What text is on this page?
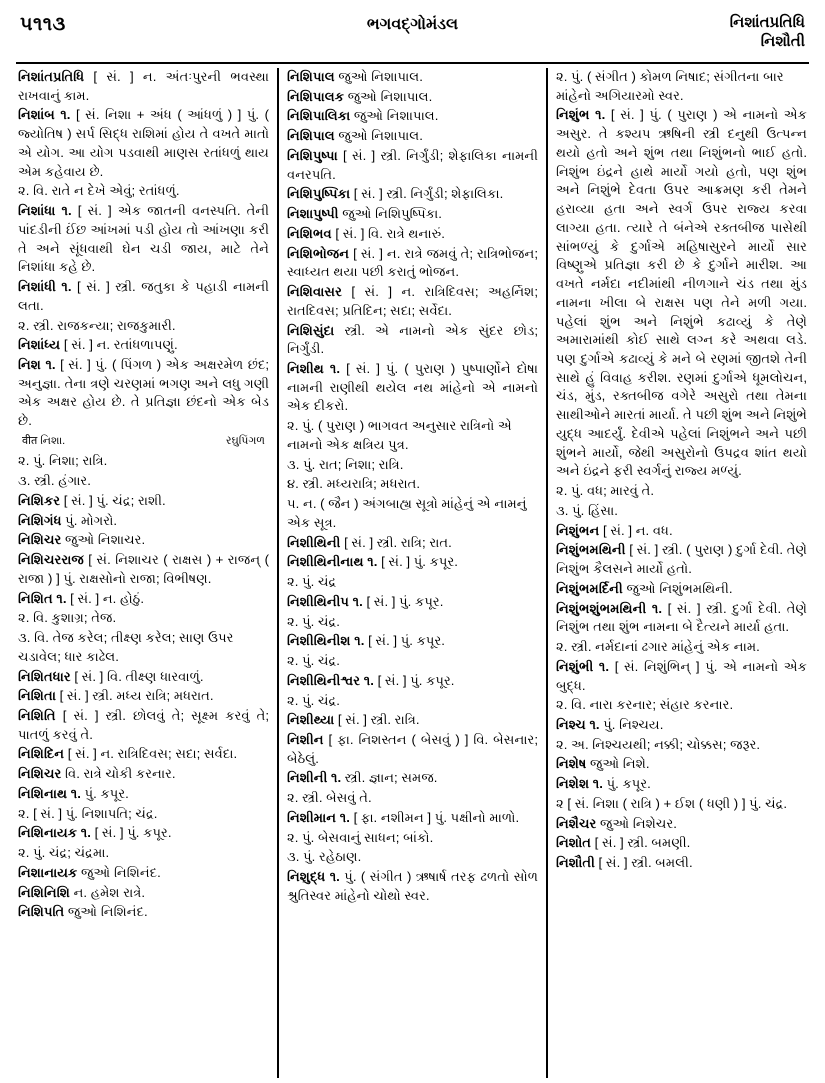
૫૧૧૩	ભગવદ્ગોમંડલ	નિશાંતપ્રતિધિ
નિશૌતી

નિશાંતપ્રતિધિ [ સં. ] ન. અંતઃપુરની ભવસ્થા રાખવાનું કામ.

નિશાંબ ૧. [ સં. નિશા + અંધ ( આંધળું ) ] પું. ( જ્યોતિષ ) સર્પ સિદ્ધ રાશિમાં હોય તે વખતે માતો એ યોગ. આ યોગ પડવાથી માણસ રતાંધળું થાય એમ કહેવાય છે.

૨. વિ. રાતે ન દેખે એવું; રતાંધળું.

નિશાંધા ૧. [ સં. ] એક જાતની વનસ્પતિ. તેની પાંદડીની ઈંછ આંખમાં પડી હોય તો આંખણા કરી તે અને સૂંધવાથી ઘેન ચડી જાય, માટે તેને નિશાંધા કહે છે.

નિશાંધી ૧. [ સં. ] સ્ત્રી. જતુકા કે પહાડી નામની લતા.

૨. સ્ત્રી. રાજકન્યા; રાજકુમારી.

નિશાંધ્ય [ સં. ] ન. રતાંધળાપણું.

નિશ ૧. [ સં. ] પું. ( પિંગળ ) એક અક્ષરમેળ છંદ; અનુજ્ઞા. તેના ત્રણે ચરણમાં ભગણ અને લધુ ગણી એક અક્ષર હોય છે. તે પ્રતિજ્ઞા છંદનો એક બેડ છે.

वीत નિશા.	રઘુપિંગળ

૨. પું. નિશા; રાત્રિ.

૩. સ્ત્રી. હંગાર.

નિશિકર [ સં. ] પું. ચંદ્ર; રાશી.

નિશિગંધ પું. મોગરો.

નિશિચર જુઓ નિશાચર.

નિશિચરરાજ [ સં. નિશાચર ( રાક્ષસ ) + રાજન્ ( રાજા ) ] પું. રાક્ષસોનો રાજા; વિભીષણ.

નિશિત ૧. [ સં. ] ન. હોઠું.

૨. વિ. કુશાગ્ર; તેજ.

૩. વિ. તેજ કરેલ; તીક્ષ્ણ કરેલ; સાણ ઉપર ચડાવેલ; ધાર કાઢેલ.

નિશિતધાર [ સં. ] વિ. તીક્ષ્ણ ધારવાળું.

નિશિતા [ સં. ] સ્ત્રી. મધ્ય રાત્રિ; મધરાત.

નિશિતિ [ સં. ] સ્ત્રી. છોલવું તે; સૂક્ષ્મ કરવું તે; પાતળું કરવું તે.

નિશિદિન [ સં. ] ન. રાત્રિદિવસ; સદા; સર્વદા.

નિશિચર વિ. રાત્રે ચોકી કરનાર.

નિશિનાથ ૧. પું. કપૂર.

૨. [ સં. ] પું. નિશાપતિ; ચંદ્ર.

નિશિનાયક ૧. [ સં. ] પું. કપૂર.

૨. પું. ચંદ્ર; ચંદ્રમા.

નિશાનાયક જુઓ નિશિનંદ.

નિશિનિશિ ન. હમેશ રાત્રે.

નિશિપતિ જુઓ નિશિનંદ.

નિશિપાલ જુઓ નિશાપાલ.

નિશિપાલક જુઓ નિશાપાલ.

નિશિપાલિકા જુઓ નિશાપાલ.

નિશિપાલ જુઓ નિશાપાલ.

નિશિપુષ્પા [ સં. ] સ્ત્રી. નિર્ગુંડી; શેફાલિકા નામની વનરપતિ.

નિશિપુષ્પિકા [ સં. ] સ્ત્રી. નિર્ગુંડી; શેફાલિકા.

નિશાપુષ્પી જુઓ નિશિપુષ્પિકા.

નિશિભવ [ સં. ] વિ. રાત્રે થનારું.

નિશિભોજન [ સં. ] ન. રાત્રે જમવું તે; રાત્રિભોજન; સ્વાધ્યત થયા પછી કરાતું ભોજન.

નિશિવાસર [ સં. ] ન. રાત્રિદિવસ; અહર્નિશ; રાતદિવસ; પ્રતિદિન; સદા; સર્વેદા.

નિશિસુંદા સ્ત્રી. એ નામનો એક સુંદર છોડ; નિર્ગુંડી.

નિશીથ ૧. [ સં. ] પું. ( પુરાણ ) પુષ્પાર્ણોને દોષા નામની રાણીથી થયેલ નથ માંહેનો એ નામનો એક દીકરો.

૨. પું. ( પુરાણ ) ભાગવત અનુસાર રાત્રિનો એ નામનો એક ક્ષત્રિય પુત્ર.

૩. પું. રાત; નિશા; રાત્રિ.

૪. સ્ત્રી. મધ્યરાત્રિ; મધરાત.

૫. ન. ( જૈન ) અંગબાહ્ય સૂત્રો માંહેનું એ નામનું એક સૂત્ર.

નિશીથિની [ સં. ] સ્ત્રી. રાત્રિ; રાત.

નિશીથિનીનાથ ૧. [ સં. ] પું. કપૂર.

૨. પું. ચંદ્ર

નિશીથિનીપ ૧. [ સં. ] પું. કપૂર.

૨. પું. ચંદ્ર.

નિશીથિનીશ ૧. [ સં. ] પું. કપૂર.

૨. પું. ચંદ્ર.

નિશીથિનીશ્વર ૧. [ સં. ] પું. કપૂર.

૨. પું. ચંદ્ર.

નિશીથ્યા [ સં. ] સ્ત્રી. રાત્રિ.

નિશીન [ ફા. નિશસ્તન ( બેસવું ) ] વિ. બેસનાર; બેઠેલું.

નિશીની ૧. સ્ત્રી. જ્ઞાન; સમજ.

૨. સ્ત્રી. બેસવું તે.

નિશીમાન ૧. [ ફા. નશીમન ] પું. પક્ષીનો માળો.

૨. પું. બેસવાનું સાધન; બાંકો.

૩. પું. રહેઠાણ.

નિશુદ્ધ ૧. પું. ( સંગીત ) ઋષાર્ષ તરફ ઢળતો સોળ શ્રુતિસ્વર માંહેનો ચોથો સ્વર.

૨. પું. ( સંગીત ) કોમળ નિષાદ; સંગીતના બાર માંહેનો અગિયારમો સ્વર.

નિશુંભ ૧. [ સં. ] પું. ( પુરાણ ) એ નામનો એક અસુર. તે કશ્યપ ઋષિની સ્ત્રી દનુથી ઉત્પન્ન થયો હતો અને શુંભ તથા નિશુંભનો ભાઈ હતો. નિશુંભ ઇંદ્રને હાથે માર્યો ગયો હતો, પણ શુંભ અને નિશુંભે દેવતા ઉપર આક્રમણ કરી તેમને હરાવ્યા હતા અને સ્વર્ગ ઉપર રાજ્ય કરવા લાગ્યા હતા. ત્યારે તે બંનેએ રક્તબીજ પાસેથી સાંભળ્યું કે દુર્ગાએ મહિષાસુરને માર્યો સાર વિષ્ણુએ પ્રતિજ્ઞા કરી છે કે દુર્ગાને મારીશ. આ વખતે નર્મદા નદીમાંથી નીળગાને ચંડ તથા મુંડ નામના ખીલા બે રાક્ષસ પણ તેને મળી ગયા. પહેલાં શુંભ અને નિશુંભે કઢાવ્યું કે તેણે અમારામાંથી કોઈ સાથે લગ્ન કરે અથવા લડે. પણ દુર્ગાએ કઢાવ્યું કે મને બે રણમાં જીતશે તેની સાથે હું વિવાહ કરીશ. રણમાં દુર્ગાએ ધૂમલોચન, ચંડ, મુંડ, રક્તબીજ વગેરે અસુરો તથા તેમના સાથીઓને મારતાં માર્યા. તે પછી શુંભ અને નિશુંભે યુદ્ધ આદર્યું. દેવીએ પહેલાં નિશુંભને અને પછી શુંભને માર્યો, જેથી અસુરોનો ઉપદ્રવ શાંત થયો અને ઇંદ્રને ફરી સ્વર્ગનું રાજ્ય મળ્યું.

૨. પું. વધ; મારવું તે.

૩. પું. હિંસા.

નિશુંભન [ સં. ] ન. વધ.

નિશુંભમથિની [ સં. ] સ્ત્રી. ( પુરાણ ) દુર્ગા દેવી. તેણે નિશુંભ કૈલસને માર્યો હતો.

નિશુંભમર્દિની જુઓ નિશુંભમથિની.

નિશુંભશુંભમથિની ૧. [ સં. ] સ્ત્રી. દુર્ગા દેવી. તેણે નિશુંભ તથા શુંભ નામના બે દૈત્યને માર્યા હતા.

૨. સ્ત્રી. નર્મદાનાં ઢગાર માંહેનું એક નામ.

નિશુંભી ૧. [ સં. નિશુંભિન્ ] પું. એ નામનો એક બુદ્ધ.

૨. વિ. નારા કરનાર; સંહાર કરનાર.

નિશ્ચ ૧. પું. નિશ્ચય.

૨. અ. નિશ્ચયથી; નક્કી; ચોક્કસ; જરૂર.

નિશેષ જુઓ નિશે.

નિશેશ ૧. પું. કપૂર.

૨ [ સં. નિશા ( રાત્રિ ) + ઈશ ( ધણી ) ] પું. ચંદ્ર.

નિશૈચર જુઓ નિશેચર.

નિશોત [ સં. ] સ્ત્રી. બમણી.

નિશૌતી [ સં. ] સ્ત્રી. બમલી.
